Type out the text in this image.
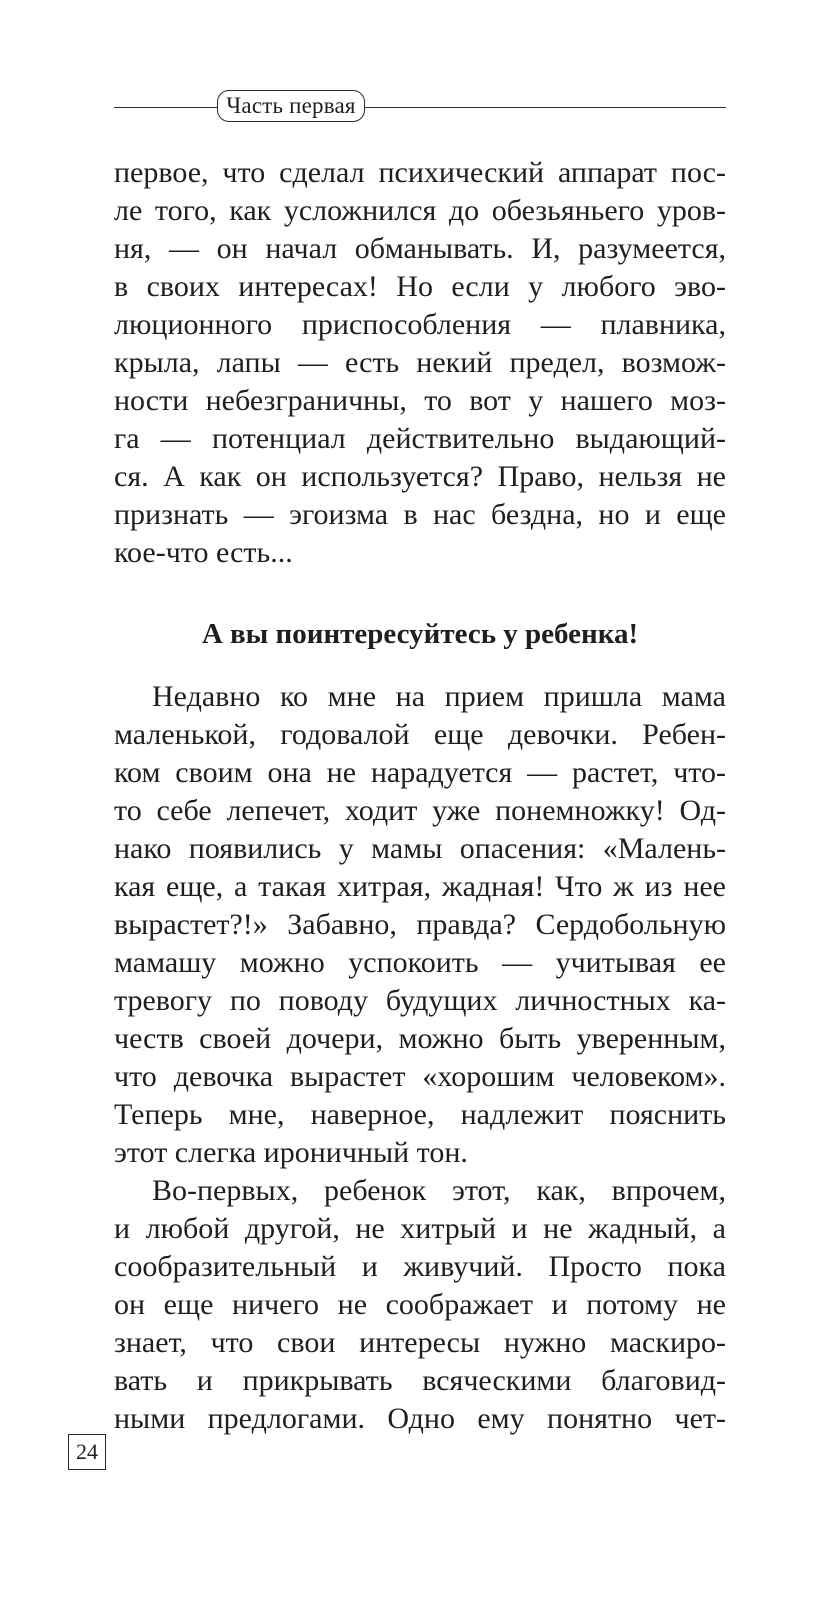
Часть первая
первое, что сделал психический аппарат пос-
ле того, как усложнился до обезьяньего уров-
ня, — он начал обманывать. И, разумеется,
в своих интересах! Но если у любого эво-
люционного приспособления — плавника,
крыла, лапы — есть некий предел, возмож-
ности небезграничны, то вот у нашего моз-
га — потенциал действительно выдающий-
ся. А как он используется? Право, нельзя не
признать — эгоизма в нас бездна, но и еще
кое-что есть...
А вы поинтересуйтесь у ребенка!
Недавно ко мне на прием пришла мама
маленькой, годовалой еще девочки. Ребен-
ком своим она не нарадуется — растет, что-
то себе лепечет, ходит уже понемножку! Од-
нако появились у мамы опасения: «Малень-
кая еще, а такая хитрая, жадная! Что ж из нее
вырастет?!» Забавно, правда? Сердобольную
мамашу можно успокоить — учитывая ее
тревогу по поводу будущих личностных ка-
честв своей дочери, можно быть уверенным,
что девочка вырастет «хорошим человеком».
Теперь мне, наверное, надлежит пояснить
этот слегка ироничный тон.
Во-первых, ребенок этот, как, впрочем,
и любой другой, не хитрый и не жадный, а
сообразительный и живучий. Просто пока
он еще ничего не соображает и потому не
знает, что свои интересы нужно маскиро-
вать и прикрывать всяческими благовид-
ными предлогами. Одно ему понятно чет-
24
